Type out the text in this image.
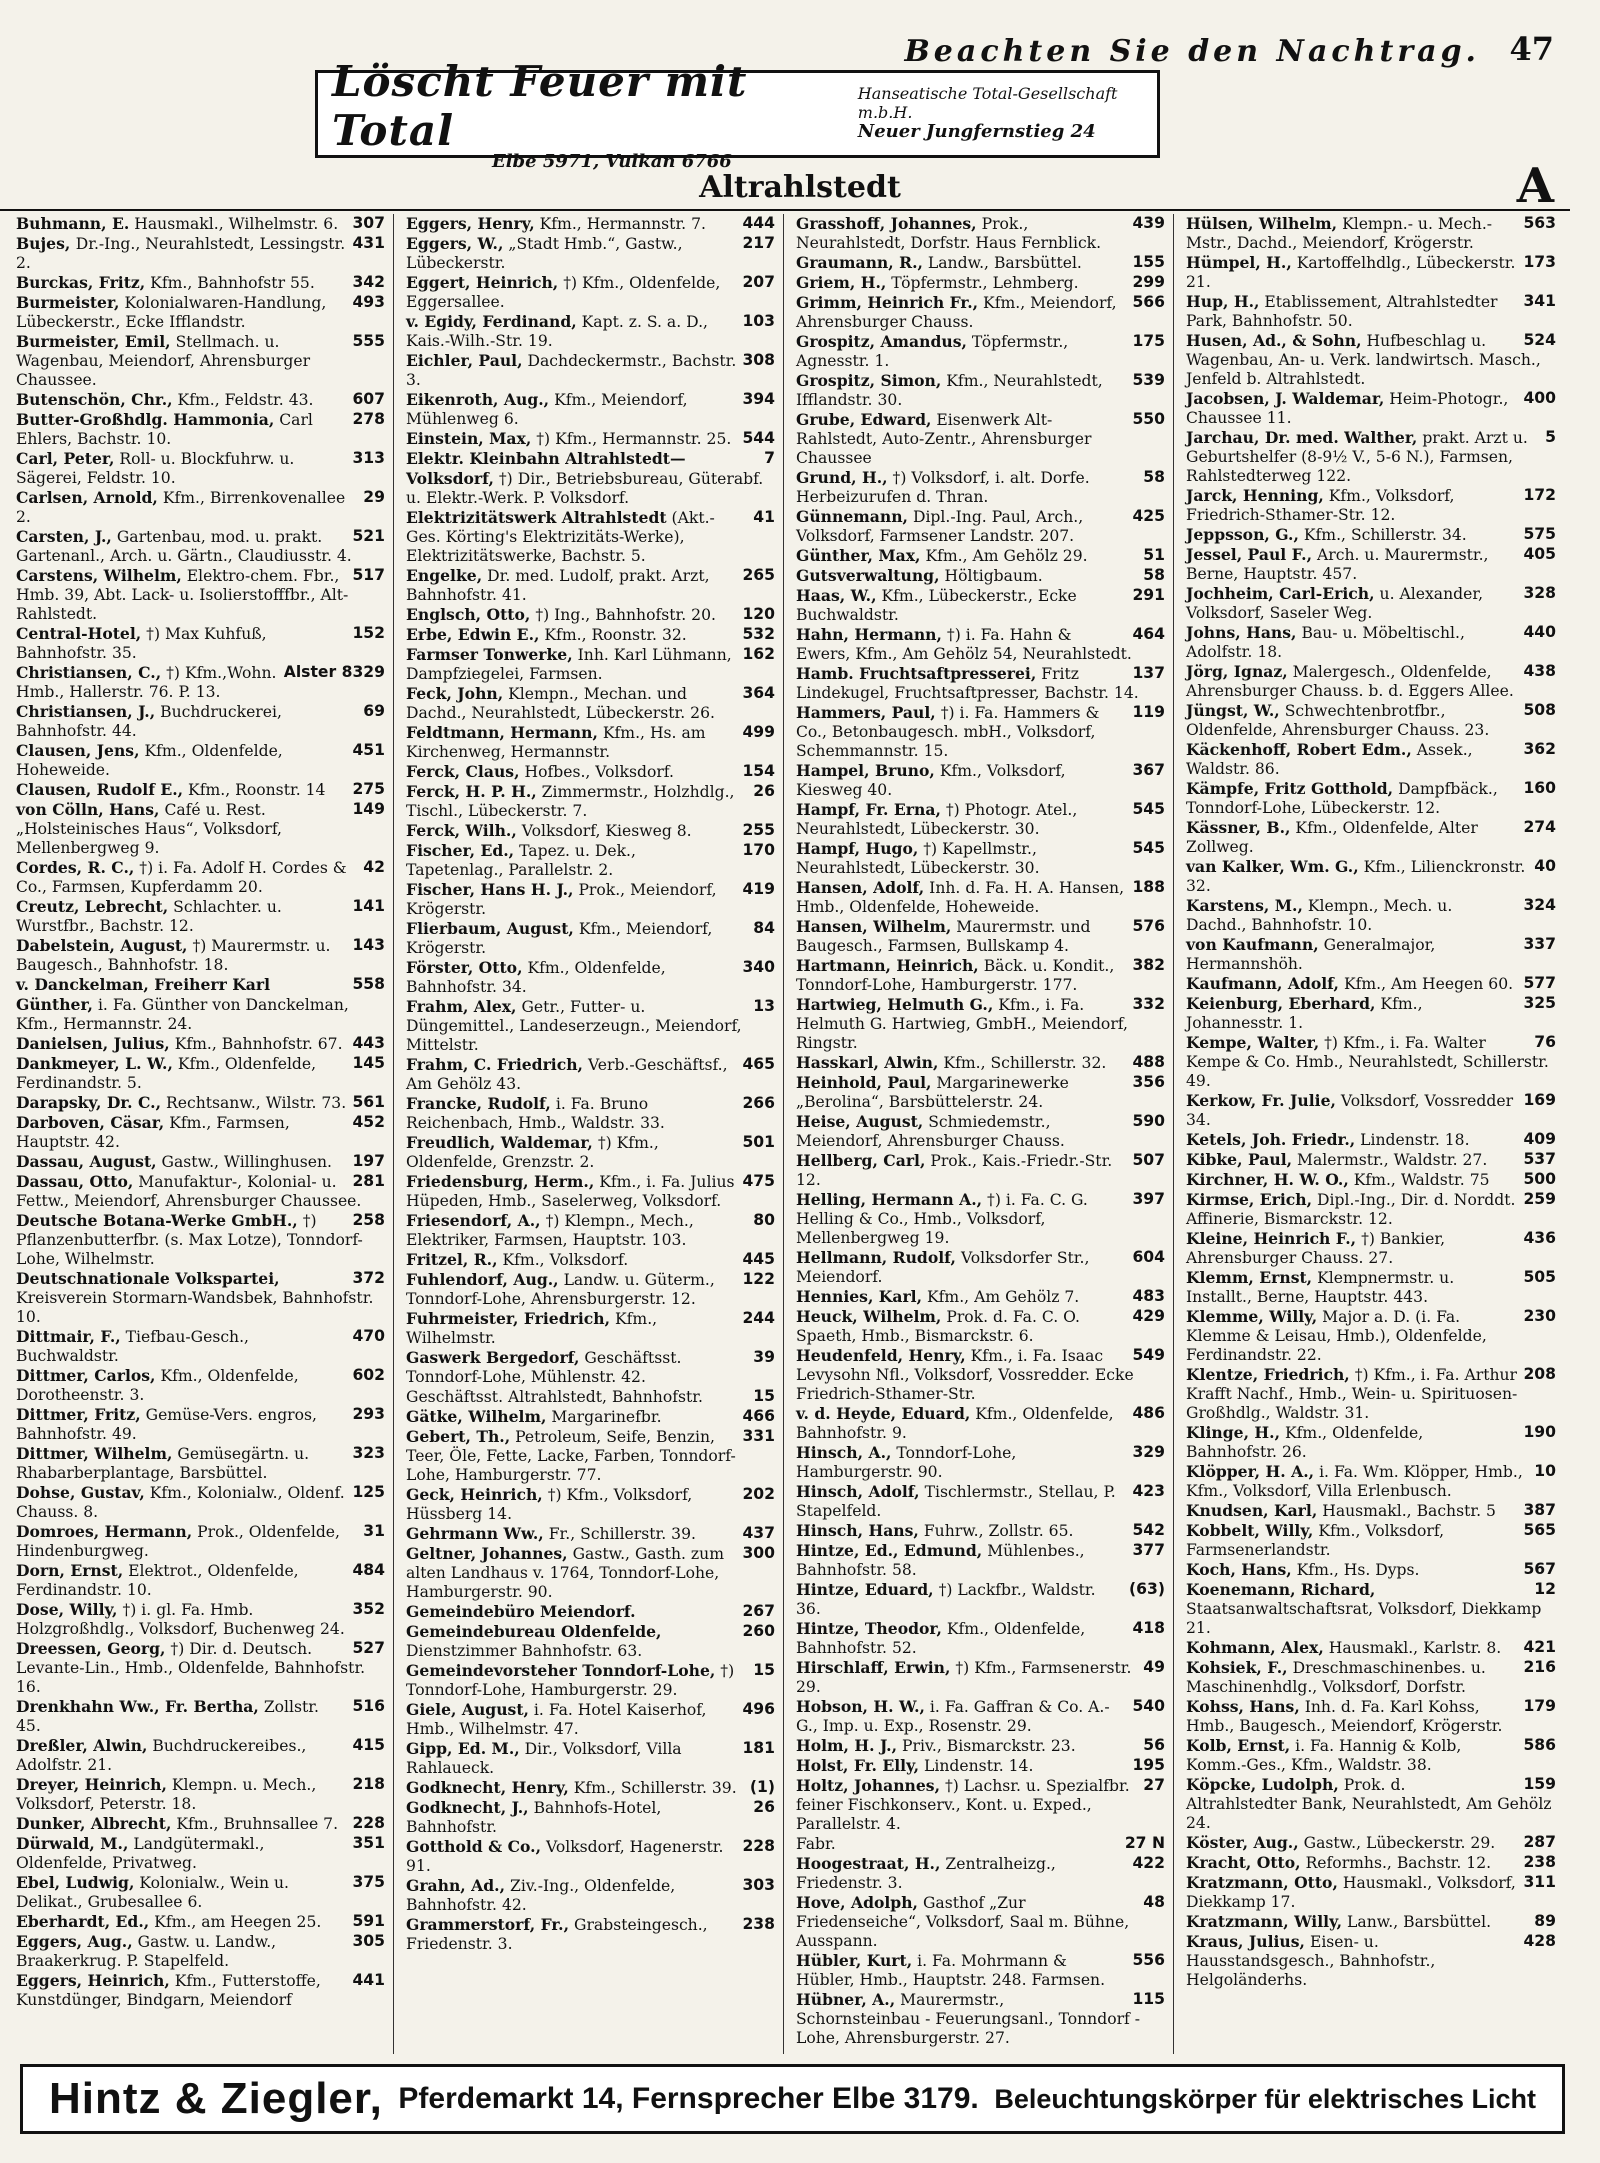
Beachten Sie den Nachtrag. 47
Löscht Feuer mit Total
Elbe 5971, Vulkan 6766
Hanseatische Total-Gesellschaft m.b.H.
Neuer Jungfernstieg 24
Altrahlstedt	A

307
Buhmann, E. Hausmakl., Wilhelmstr. 6.

431
Bujes, Dr.-Ing., Neurahlstedt, Lessingstr. 2.

342
Burckas, Fritz, Kfm., Bahnhofstr 55.

493
Burmeister, Kolonialwaren-Handlung, Lübeckerstr., Ecke Ifflandstr.

555
Burmeister, Emil, Stellmach. u. Wagenbau, Meiendorf, Ahrensburger Chaussee.

607
Butenschön, Chr., Kfm., Feldstr. 43.

278
Butter-Großhdlg. Hammonia, Carl Ehlers, Bachstr. 10.

313
Carl, Peter, Roll- u. Blockfuhrw. u. Sägerei, Feldstr. 10.

29
Carlsen, Arnold, Kfm., Birrenkovenallee 2.

521
Carsten, J., Gartenbau, mod. u. prakt. Gartenanl., Arch. u. Gärtn., Claudiusstr. 4.

517
Carstens, Wilhelm, Elektro-chem. Fbr., Hmb. 39, Abt. Lack- u. Isolierstofffbr., Alt-Rahlstedt.

152
Central-Hotel, †) Max Kuhfuß, Bahnhofstr. 35.

Alster 8329
Christiansen, C., †) Kfm.,Wohn. Hmb., Hallerstr. 76. P. 13.

69
Christiansen, J., Buchdruckerei, Bahnhofstr. 44.

451
Clausen, Jens, Kfm., Oldenfelde, Hoheweide.

275
Clausen, Rudolf E., Kfm., Roonstr. 14

149
von Cölln, Hans, Café u. Rest. „Holsteinisches Haus“, Volksdorf, Mellenbergweg 9.

42
Cordes, R. C., †) i. Fa. Adolf H. Cordes & Co., Farmsen, Kupferdamm 20.

141
Creutz, Lebrecht, Schlachter. u. Wurstfbr., Bachstr. 12.

143
Dabelstein, August, †) Maurermstr. u. Baugesch., Bahnhofstr. 18.

558
v. Danckelman, Freiherr Karl Günther, i. Fa. Günther von Danckelman, Kfm., Hermannstr. 24.

443
Danielsen, Julius, Kfm., Bahnhofstr. 67.

145
Dankmeyer, L. W., Kfm., Oldenfelde, Ferdinandstr. 5.

561
Darapsky, Dr. C., Rechtsanw., Wilstr. 73.

452
Darboven, Cäsar, Kfm., Farmsen, Hauptstr. 42.

197
Dassau, August, Gastw., Willinghusen.

281
Dassau, Otto, Manufaktur-, Kolonial- u. Fettw., Meiendorf, Ahrensburger Chaussee.

258
Deutsche Botana-Werke GmbH., †) Pflanzenbutterfbr. (s. Max Lotze), Tonndorf-Lohe, Wilhelmstr.

372
Deutschnationale Volkspartei, Kreisverein Stormarn-Wandsbek, Bahnhofstr. 10.

470
Dittmair, F., Tiefbau-Gesch., Buchwaldstr.

602
Dittmer, Carlos, Kfm., Oldenfelde, Dorotheenstr. 3.

293
Dittmer, Fritz, Gemüse-Vers. engros, Bahnhofstr. 49.

323
Dittmer, Wilhelm, Gemüsegärtn. u. Rhabarberplantage, Barsbüttel.

125
Dohse, Gustav, Kfm., Kolonialw., Oldenf. Chauss. 8.

31
Domroes, Hermann, Prok., Oldenfelde, Hindenburgweg.

484
Dorn, Ernst, Elektrot., Oldenfelde, Ferdinandstr. 10.

352
Dose, Willy, †) i. gl. Fa. Hmb. Holzgroßhdlg., Volksdorf, Buchenweg 24.

527
Dreessen, Georg, †) Dir. d. Deutsch. Levante-Lin., Hmb., Oldenfelde, Bahnhofstr. 16.

516
Drenkhahn Ww., Fr. Bertha, Zollstr. 45.

415
Dreßler, Alwin, Buchdruckereibes., Adolfstr. 21.

218
Dreyer, Heinrich, Klempn. u. Mech., Volksdorf, Peterstr. 18.

228
Dunker, Albrecht, Kfm., Bruhnsallee 7.

351
Dürwald, M., Landgütermakl., Oldenfelde, Privatweg.

375
Ebel, Ludwig, Kolonialw., Wein u. Delikat., Grubesallee 6.

591
Eberhardt, Ed., Kfm., am Heegen 25.

305
Eggers, Aug., Gastw. u. Landw., Braakerkrug. P. Stapelfeld.

441
Eggers, Heinrich, Kfm., Futterstoffe, Kunstdünger, Bindgarn, Meiendorf

444
Eggers, Henry, Kfm., Hermannstr. 7.

217
Eggers, W., „Stadt Hmb.“, Gastw., Lübeckerstr.

207
Eggert, Heinrich, †) Kfm., Oldenfelde, Eggersallee.

103
v. Egidy, Ferdinand, Kapt. z. S. a. D., Kais.-Wilh.-Str. 19.

308
Eichler, Paul, Dachdeckermstr., Bachstr. 3.

394
Eikenroth, Aug., Kfm., Meiendorf, Mühlenweg 6.

544
Einstein, Max, †) Kfm., Hermannstr. 25.

7
Elektr. Kleinbahn Altrahlstedt—Volksdorf, †) Dir., Betriebsbureau, Güterabf. u. Elektr.-Werk. P. Volksdorf.

41
Elektrizitätswerk Altrahlstedt (Akt.-Ges. Körting's Elektrizitäts-Werke), Elektrizitätswerke, Bachstr. 5.

265
Engelke, Dr. med. Ludolf, prakt. Arzt, Bahnhofstr. 41.

120
Englsch, Otto, †) Ing., Bahnhofstr. 20.

532
Erbe, Edwin E., Kfm., Roonstr. 32.

162
Farmser Tonwerke, Inh. Karl Lühmann, Dampfziegelei, Farmsen.

364
Feck, John, Klempn., Mechan. und Dachd., Neurahlstedt, Lübeckerstr. 26.

499
Feldtmann, Hermann, Kfm., Hs. am Kirchenweg, Hermannstr.

154
Ferck, Claus, Hofbes., Volksdorf.

26
Ferck, H. P. H., Zimmermstr., Holzhdlg., Tischl., Lübeckerstr. 7.

255
Ferck, Wilh., Volksdorf, Kiesweg 8.

170
Fischer, Ed., Tapez. u. Dek., Tapetenlag., Parallelstr. 2.

419
Fischer, Hans H. J., Prok., Meiendorf, Krögerstr.

84
Flierbaum, August, Kfm., Meiendorf, Krögerstr.

340
Förster, Otto, Kfm., Oldenfelde, Bahnhofstr. 34.

13
Frahm, Alex, Getr., Futter- u. Düngemittel., Landeserzeugn., Meiendorf, Mittelstr.

465
Frahm, C. Friedrich, Verb.-Geschäftsf., Am Gehölz 43.

266
Francke, Rudolf, i. Fa. Bruno Reichenbach, Hmb., Waldstr. 33.

501
Freudlich, Waldemar, †) Kfm., Oldenfelde, Grenzstr. 2.

475
Friedensburg, Herm., Kfm., i. Fa. Julius Hüpeden, Hmb., Saselerweg, Volksdorf.

80
Friesendorf, A., †) Klempn., Mech., Elektriker, Farmsen, Hauptstr. 103.

445
Fritzel, R., Kfm., Volksdorf.

122
Fuhlendorf, Aug., Landw. u. Güterm., Tonndorf-Lohe, Ahrensburgerstr. 12.

244
Fuhrmeister, Friedrich, Kfm., Wilhelmstr.

39
Gaswerk Bergedorf, Geschäftsst. Tonndorf-Lohe, Mühlenstr. 42.

15
Geschäftsst. Altrahlstedt, Bahnhofstr.

466
Gätke, Wilhelm, Margarinefbr.

331
Gebert, Th., Petroleum, Seife, Benzin, Teer, Öle, Fette, Lacke, Farben, Tonndorf-Lohe, Hamburgerstr. 77.

202
Geck, Heinrich, †) Kfm., Volksdorf, Hüssberg 14.

437
Gehrmann Ww., Fr., Schillerstr. 39.

300
Geltner, Johannes, Gastw., Gasth. zum alten Landhaus v. 1764, Tonndorf-Lohe, Hamburgerstr. 90.

267
Gemeindebüro Meiendorf.

260
Gemeindebureau Oldenfelde, Dienstzimmer Bahnhofstr. 63.

15
Gemeindevorsteher Tonndorf-Lohe, †) Tonndorf-Lohe, Hamburgerstr. 29.

496
Giele, August, i. Fa. Hotel Kaiserhof, Hmb., Wilhelmstr. 47.

181
Gipp, Ed. M., Dir., Volksdorf, Villa Rahlaueck.

(1)
Godknecht, Henry, Kfm., Schillerstr. 39.

26
Godknecht, J., Bahnhofs-Hotel, Bahnhofstr.

228
Gotthold & Co., Volksdorf, Hagenerstr. 91.

303
Grahn, Ad., Ziv.-Ing., Oldenfelde, Bahnhofstr. 42.

238
Grammerstorf, Fr., Grabsteingesch., Friedenstr. 3.

439
Grasshoff, Johannes, Prok., Neurahlstedt, Dorfstr. Haus Fernblick.

155
Graumann, R., Landw., Barsbüttel.

299
Griem, H., Töpfermstr., Lehmberg.

566
Grimm, Heinrich Fr., Kfm., Meiendorf, Ahrensburger Chauss.

175
Grospitz, Amandus, Töpfermstr., Agnesstr. 1.

539
Grospitz, Simon, Kfm., Neurahlstedt, Ifflandstr. 30.

550
Grube, Edward, Eisenwerk Alt-Rahlstedt, Auto-Zentr., Ahrensburger Chaussee

58
Grund, H., †) Volksdorf, i. alt. Dorfe. Herbeizurufen d. Thran.

425
Günnemann, Dipl.-Ing. Paul, Arch., Volksdorf, Farmsener Landstr. 207.

51
Günther, Max, Kfm., Am Gehölz 29.

58
Gutsverwaltung, Höltigbaum.

291
Haas, W., Kfm., Lübeckerstr., Ecke Buchwaldstr.

464
Hahn, Hermann, †) i. Fa. Hahn & Ewers, Kfm., Am Gehölz 54, Neurahlstedt.

137
Hamb. Fruchtsaftpresserei, Fritz Lindekugel, Fruchtsaftpresser, Bachstr. 14.

119
Hammers, Paul, †) i. Fa. Hammers & Co., Betonbaugesch. mbH., Volksdorf, Schemmannstr. 15.

367
Hampel, Bruno, Kfm., Volksdorf, Kiesweg 40.

545
Hampf, Fr. Erna, †) Photogr. Atel., Neurahlstedt, Lübeckerstr. 30.

545
Hampf, Hugo, †) Kapellmstr., Neurahlstedt, Lübeckerstr. 30.

188
Hansen, Adolf, Inh. d. Fa. H. A. Hansen, Hmb., Oldenfelde, Hoheweide.

576
Hansen, Wilhelm, Maurermstr. und Baugesch., Farmsen, Bullskamp 4.

382
Hartmann, Heinrich, Bäck. u. Kondit., Tonndorf-Lohe, Hamburgerstr. 177.

332
Hartwieg, Helmuth G., Kfm., i. Fa. Helmuth G. Hartwieg, GmbH., Meiendorf, Ringstr.

488
Hasskarl, Alwin, Kfm., Schillerstr. 32.

356
Heinhold, Paul, Margarinewerke „Berolina“, Barsbüttelerstr. 24.

590
Heise, August, Schmiedemstr., Meiendorf, Ahrensburger Chauss.

507
Hellberg, Carl, Prok., Kais.-Friedr.-Str. 12.

397
Helling, Hermann A., †) i. Fa. C. G. Helling & Co., Hmb., Volksdorf, Mellenbergweg 19.

604
Hellmann, Rudolf, Volksdorfer Str., Meiendorf.

483
Hennies, Karl, Kfm., Am Gehölz 7.

429
Heuck, Wilhelm, Prok. d. Fa. C. O. Spaeth, Hmb., Bismarckstr. 6.

549
Heudenfeld, Henry, Kfm., i. Fa. Isaac Levysohn Nfl., Volksdorf, Vossredder. Ecke Friedrich-Sthamer-Str.

486
v. d. Heyde, Eduard, Kfm., Oldenfelde, Bahnhofstr. 9.

329
Hinsch, A., Tonndorf-Lohe, Hamburgerstr. 90.

423
Hinsch, Adolf, Tischlermstr., Stellau, P. Stapelfeld.

542
Hinsch, Hans, Fuhrw., Zollstr. 65.

377
Hintze, Ed., Edmund, Mühlenbes., Bahnhofstr. 58.

(63)
Hintze, Eduard, †) Lackfbr., Waldstr. 36.

418
Hintze, Theodor, Kfm., Oldenfelde, Bahnhofstr. 52.

49
Hirschlaff, Erwin, †) Kfm., Farmsenerstr. 29.

540
Hobson, H. W., i. Fa. Gaffran & Co. A.-G., Imp. u. Exp., Rosenstr. 29.

56
Holm, H. J., Priv., Bismarckstr. 23.

195
Holst, Fr. Elly, Lindenstr. 14.

27
Holtz, Johannes, †) Lachsr. u. Spezialfbr. feiner Fischkonserv., Kont. u. Exped., Parallelstr. 4.

27 N
Fabr.

422
Hoogestraat, H., Zentralheizg., Friedenstr. 3.

48
Hove, Adolph, Gasthof „Zur Friedenseiche“, Volksdorf, Saal m. Bühne, Ausspann.

556
Hübler, Kurt, i. Fa. Mohrmann & Hübler, Hmb., Hauptstr. 248. Farmsen.

115
Hübner, A., Maurermstr., Schornsteinbau - Feuerungsanl., Tonndorf - Lohe, Ahrensburgerstr. 27.

563
Hülsen, Wilhelm, Klempn.- u. Mech.-Mstr., Dachd., Meiendorf, Krögerstr.

173
Hümpel, H., Kartoffelhdlg., Lübeckerstr. 21.

341
Hup, H., Etablissement, Altrahlstedter Park, Bahnhofstr. 50.

524
Husen, Ad., & Sohn, Hufbeschlag u. Wagenbau, An- u. Verk. landwirtsch. Masch., Jenfeld b. Altrahlstedt.

400
Jacobsen, J. Waldemar, Heim-Photogr., Chaussee 11.

5
Jarchau, Dr. med. Walther, prakt. Arzt u. Geburtshelfer (8-9½ V., 5-6 N.), Farmsen, Rahlstedterweg 122.

172
Jarck, Henning, Kfm., Volksdorf, Friedrich-Sthamer-Str. 12.

575
Jeppsson, G., Kfm., Schillerstr. 34.

405
Jessel, Paul F., Arch. u. Maurermstr., Berne, Hauptstr. 457.

328
Jochheim, Carl-Erich, u. Alexander, Volksdorf, Saseler Weg.

440
Johns, Hans, Bau- u. Möbeltischl., Adolfstr. 18.

438
Jörg, Ignaz, Malergesch., Oldenfelde, Ahrensburger Chauss. b. d. Eggers Allee.

508
Jüngst, W., Schwechtenbrotfbr., Oldenfelde, Ahrensburger Chauss. 23.

362
Käckenhoff, Robert Edm., Assek., Waldstr. 86.

160
Kämpfe, Fritz Gotthold, Dampfbäck., Tonndorf-Lohe, Lübeckerstr. 12.

274
Kässner, B., Kfm., Oldenfelde, Alter Zollweg.

40
van Kalker, Wm. G., Kfm., Lilienckronstr. 32.

324
Karstens, M., Klempn., Mech. u. Dachd., Bahnhofstr. 10.

337
von Kaufmann, Generalmajor, Hermannshöh.

577
Kaufmann, Adolf, Kfm., Am Heegen 60.

325
Keienburg, Eberhard, Kfm., Johannesstr. 1.

76
Kempe, Walter, †) Kfm., i. Fa. Walter Kempe & Co. Hmb., Neurahlstedt, Schillerstr. 49.

169
Kerkow, Fr. Julie, Volksdorf, Vossredder 34.

409
Ketels, Joh. Friedr., Lindenstr. 18.

537
Kibke, Paul, Malermstr., Waldstr. 27.

500
Kirchner, H. W. O., Kfm., Waldstr. 75

259
Kirmse, Erich, Dipl.-Ing., Dir. d. Norddt. Affinerie, Bismarckstr. 12.

436
Kleine, Heinrich F., †) Bankier, Ahrensburger Chauss. 27.

505
Klemm, Ernst, Klempnermstr. u. Installt., Berne, Hauptstr. 443.

230
Klemme, Willy, Major a. D. (i. Fa. Klemme & Leisau, Hmb.), Oldenfelde, Ferdinandstr. 22.

208
Klentze, Friedrich, †) Kfm., i. Fa. Arthur Krafft Nachf., Hmb., Wein- u. Spirituosen-Großhdlg., Waldstr. 31.

190
Klinge, H., Kfm., Oldenfelde, Bahnhofstr. 26.

10
Klöpper, H. A., i. Fa. Wm. Klöpper, Hmb., Kfm., Volksdorf, Villa Erlenbusch.

387
Knudsen, Karl, Hausmakl., Bachstr. 5

565
Kobbelt, Willy, Kfm., Volksdorf, Farmsenerlandstr.

567
Koch, Hans, Kfm., Hs. Dyps.

12
Koenemann, Richard, Staatsanwaltschaftsrat, Volksdorf, Diekkamp 21.

421
Kohmann, Alex, Hausmakl., Karlstr. 8.

216
Kohsiek, F., Dreschmaschinenbes. u. Maschinenhdlg., Volksdorf, Dorfstr.

179
Kohss, Hans, Inh. d. Fa. Karl Kohss, Hmb., Baugesch., Meiendorf, Krögerstr.

586
Kolb, Ernst, i. Fa. Hannig & Kolb, Komm.-Ges., Kfm., Waldstr. 38.

159
Köpcke, Ludolph, Prok. d. Altrahlstedter Bank, Neurahlstedt, Am Gehölz 24.

287
Köster, Aug., Gastw., Lübeckerstr. 29.

238
Kracht, Otto, Reformhs., Bachstr. 12.

311
Kratzmann, Otto, Hausmakl., Volksdorf, Diekkamp 17.

89
Kratzmann, Willy, Lanw., Barsbüttel.

428
Kraus, Julius, Eisen- u. Hausstandsgesch., Bahnhofstr., Helgoländerhs.

Hintz & Ziegler, Pferdemarkt 14, Fernsprecher Elbe 3179. Beleuchtungskörper für elektrisches Licht
